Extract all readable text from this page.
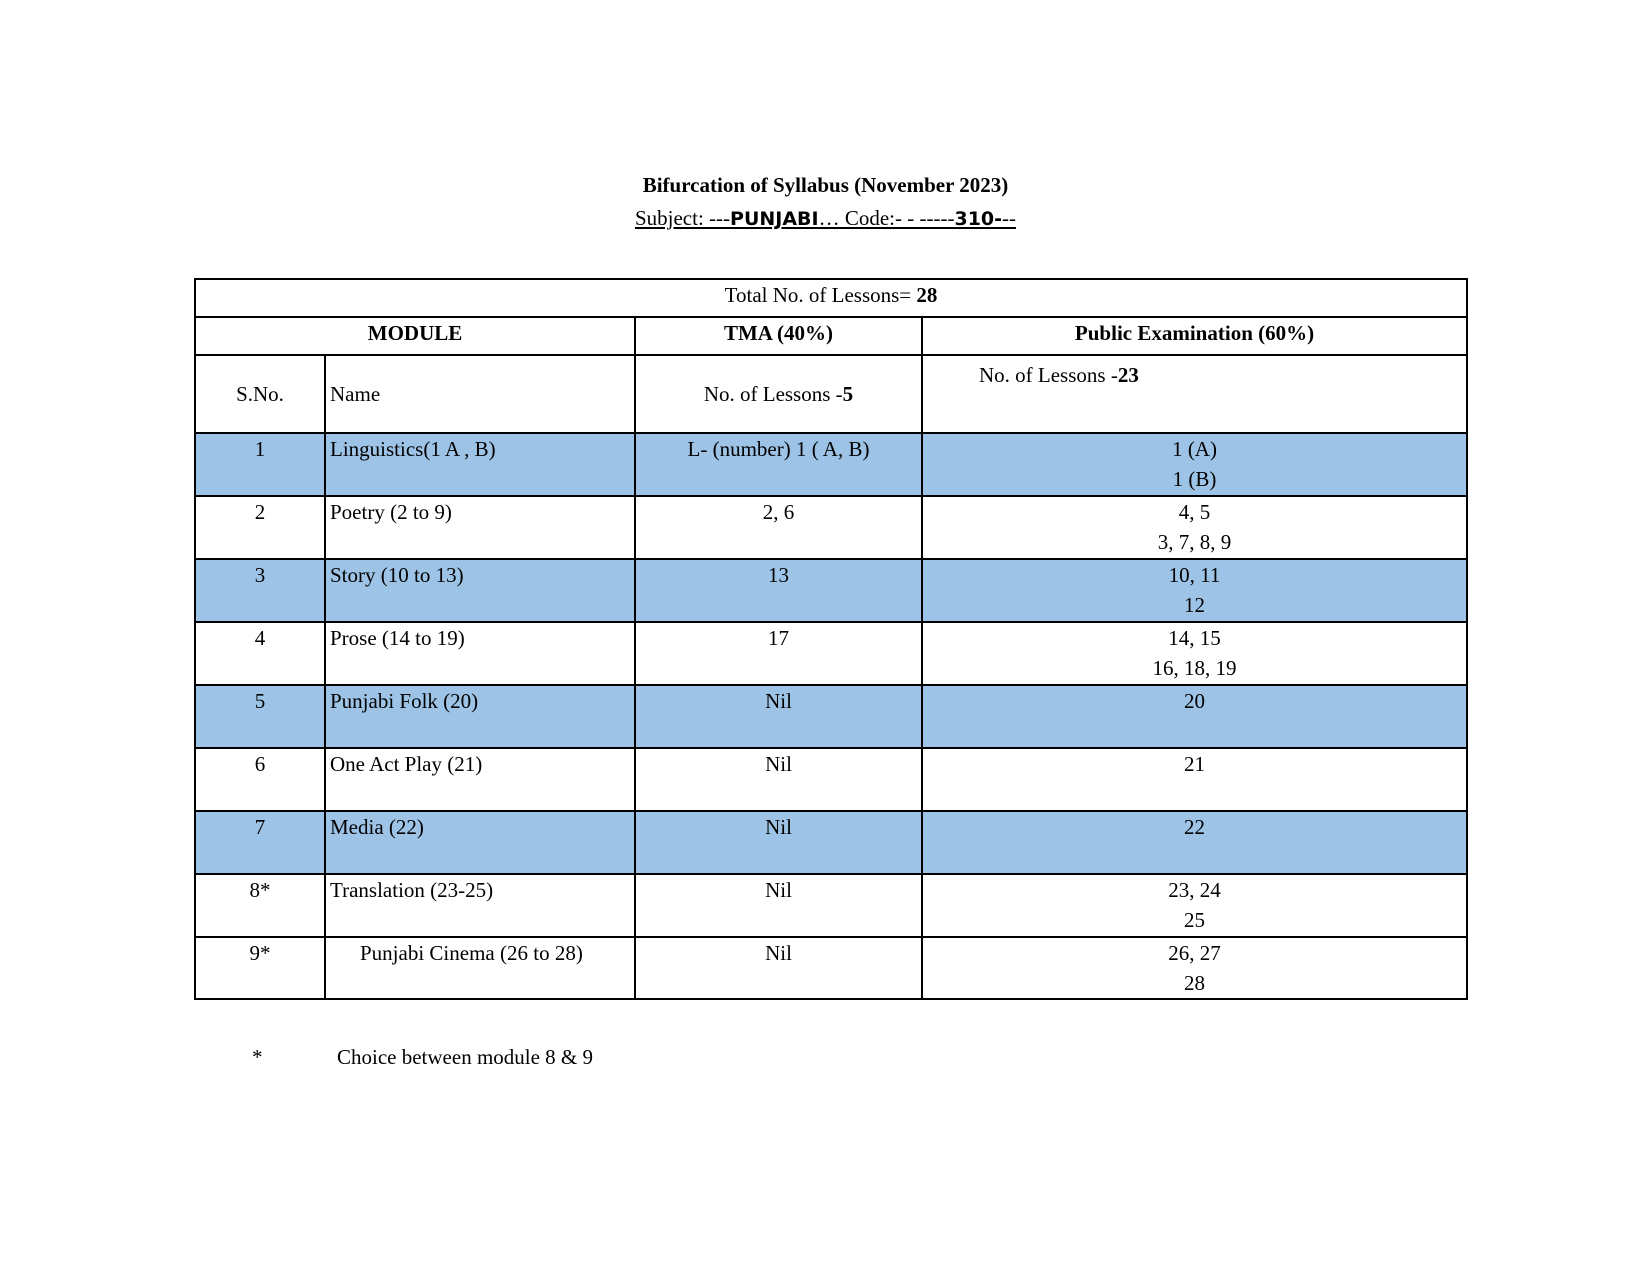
Bifurcation of Syllabus (November 2023)
Subject: ---PUNJABI… Code:- - -----310---
Total No. of Lessons= 28			
MODULE		TMA (40%)	Public Examination (60%)
S.No.	Name	No. of Lessons -5	No. of Lessons -23
1	Linguistics(1 A , B)	L- (number) 1 ( A, B)	1 (A)
1 (B)

2	Poetry (2 to 9)	2, 6	4, 5
3, 7, 8, 9

3	Story (10 to 13)	13	10, 11
12

4	Prose (14 to 19)	17	14, 15
16, 18, 19

5	Punjabi Folk (20)	Nil	20

6	One Act Play (21)	Nil	21

7	Media (22)	Nil	22

8*	Translation (23-25)	Nil	23, 24
25

9*	Punjabi Cinema (26 to 28)	Nil	26, 27
28
*	Choice between module 8 & 9
